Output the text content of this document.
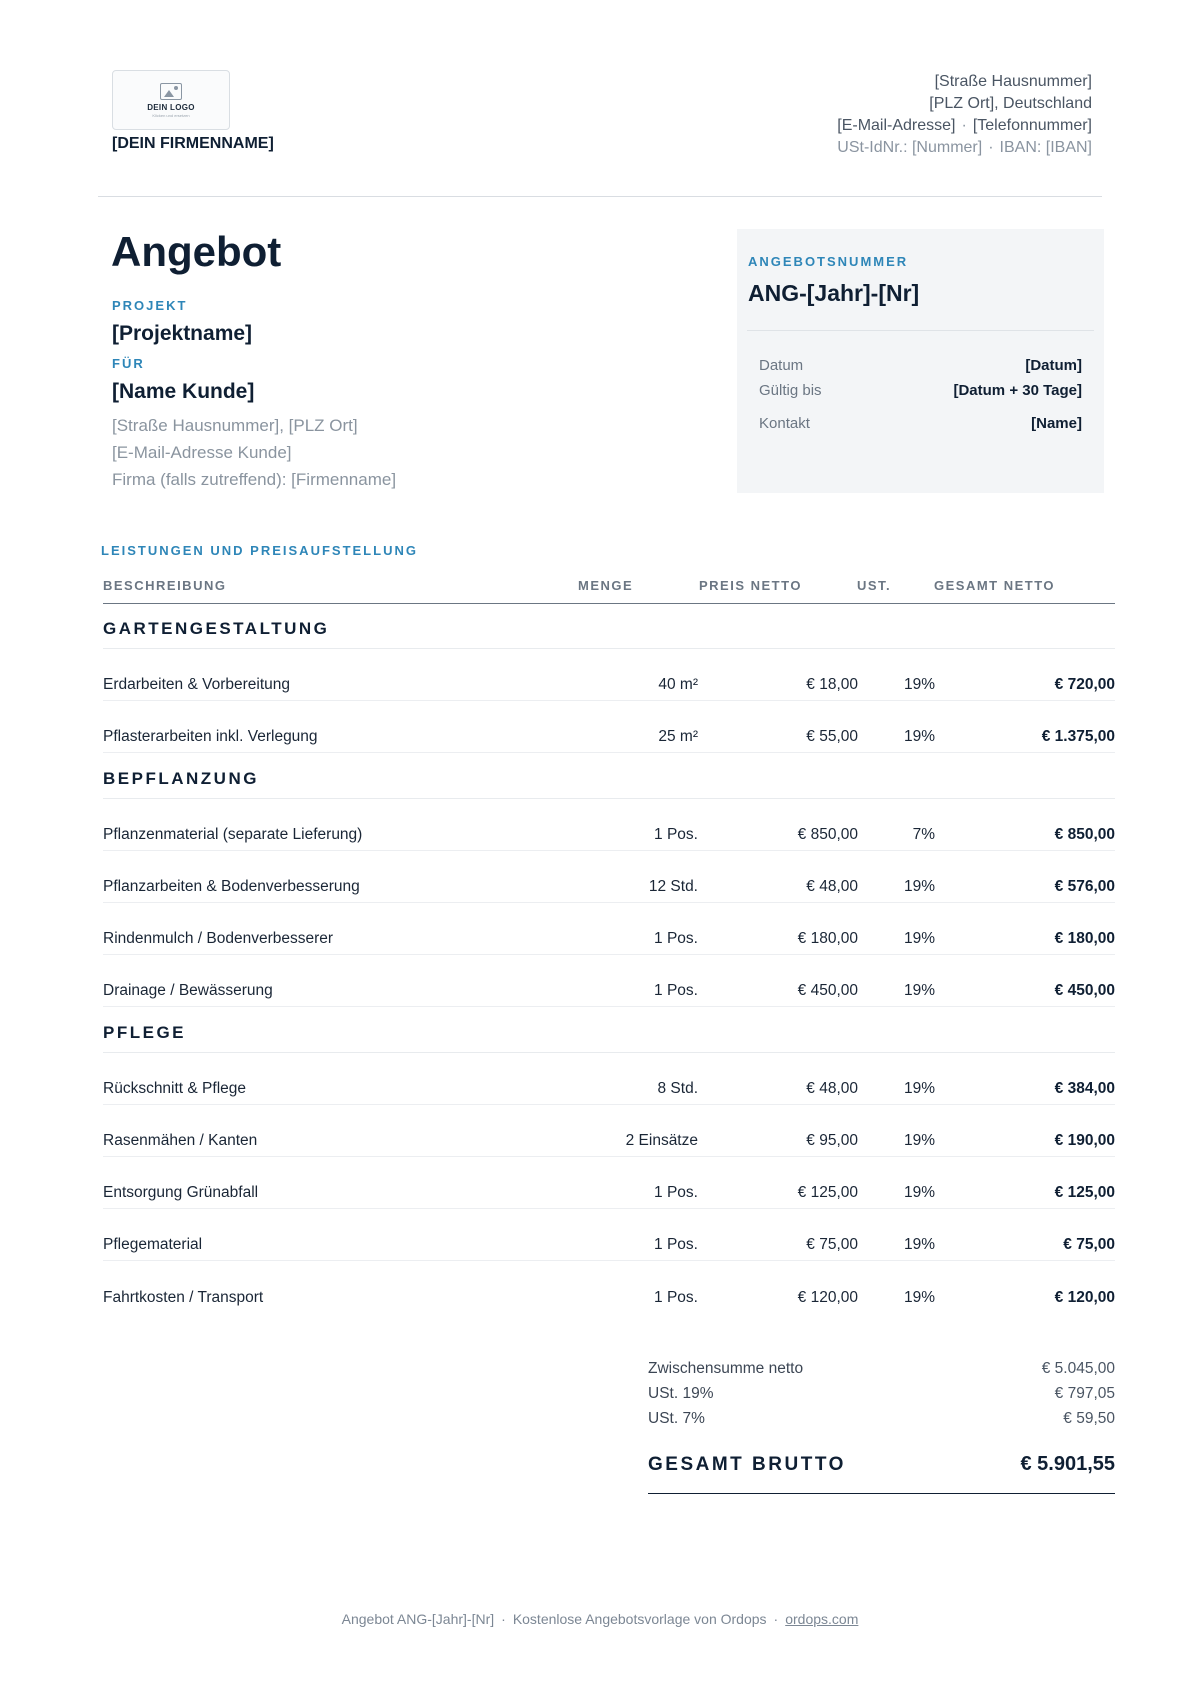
DEIN LOGO
Klicken und ersetzen
[DEIN FIRMENNAME]
[Straße Hausnummer]
[PLZ Ort], Deutschland
[E-Mail-Adresse] · [Telefonnummer]
USt-IdNr.: [Nummer] · IBAN: [IBAN]
Angebot
PROJEKT
[Projektname]
FÜR
[Name Kunde]
[Straße Hausnummer], [PLZ Ort]
[E-Mail-Adresse Kunde]
Firma (falls zutreffend): [Firmenname]
ANGEBOTSNUMMER
ANG-[Jahr]-[Nr]
Datum	[Datum]
Gültig bis	[Datum + 30 Tage]
Kontakt	[Name]
LEISTUNGEN UND PREISAUFSTELLUNG
BESCHREIBUNG	MENGE	PREIS NETTO	UST.	GESAMT NETTO
GARTENGESTALTUNG
Erdarbeiten & Vorbereitung	40 m²	€ 18,00	19%	€ 720,00
Pflasterarbeiten inkl. Verlegung	25 m²	€ 55,00	19%	€ 1.375,00
BEPFLANZUNG
Pflanzenmaterial (separate Lieferung)	1 Pos.	€ 850,00	7%	€ 850,00
Pflanzarbeiten & Bodenverbesserung	12 Std.	€ 48,00	19%	€ 576,00
Rindenmulch / Bodenverbesserer	1 Pos.	€ 180,00	19%	€ 180,00
Drainage / Bewässerung	1 Pos.	€ 450,00	19%	€ 450,00
PFLEGE
Rückschnitt & Pflege	8 Std.	€ 48,00	19%	€ 384,00
Rasenmähen / Kanten	2 Einsätze	€ 95,00	19%	€ 190,00
Entsorgung Grünabfall	1 Pos.	€ 125,00	19%	€ 125,00
Pflegematerial	1 Pos.	€ 75,00	19%	€ 75,00
Fahrtkosten / Transport	1 Pos.	€ 120,00	19%	€ 120,00
Zwischensumme netto	€ 5.045,00
USt. 19%	€ 797,05
USt. 7%	€ 59,50
GESAMT BRUTTO	€ 5.901,55
Angebot ANG-[Jahr]-[Nr] · Kostenlose Angebotsvorlage von Ordops · ordops.com
